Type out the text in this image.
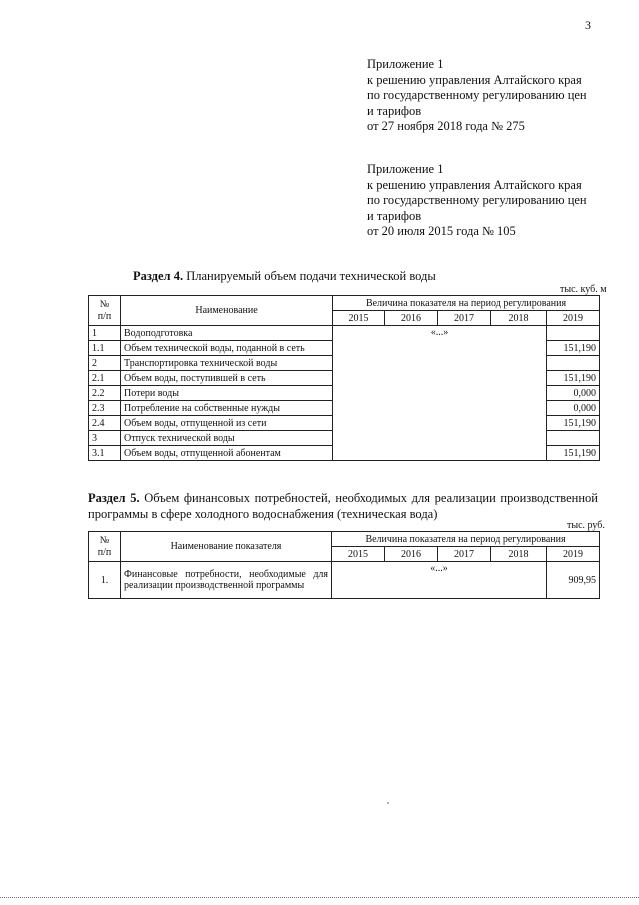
3
Приложение 1
к решению управления Алтайского края
по государственному регулированию цен
и тарифов
от 27 ноября 2018 года № 275
Приложение 1
к решению управления Алтайского края
по государственному регулированию цен
и тарифов
от 20 июля 2015 года № 105
Раздел 4. Планируемый объем подачи технической воды
тыс. куб. м
№
п/п	Наименование	Величина показателя на период регулирования				
		2015	2016	2017	2018	2019
1	Водоподготовка	«...»				
1.1	Объем технической воды, поданной в сеть					151,190
2	Транспортировка технической воды					
2.1	Объем воды, поступившей в сеть					151,190
2.2	Потери воды					0,000
2.3	Потребление на собственные нужды					0,000
2.4	Объем воды, отпущенной из сети					151,190
3	Отпуск технической воды					
3.1	Объем воды, отпущенной абонентам					151,190
Раздел 5. Объем финансовых потребностей, необходимых для реализации производственной программы в сфере холодного водоснабжения (техническая вода)
тыс. руб.
№
п/п	Наименование показателя	Величина показателя на период регулирования				
		2015	2016	2017	2018	2019
1.	Финансовые потребности, необходимые для реализации производственной программы	«...»				909,95
